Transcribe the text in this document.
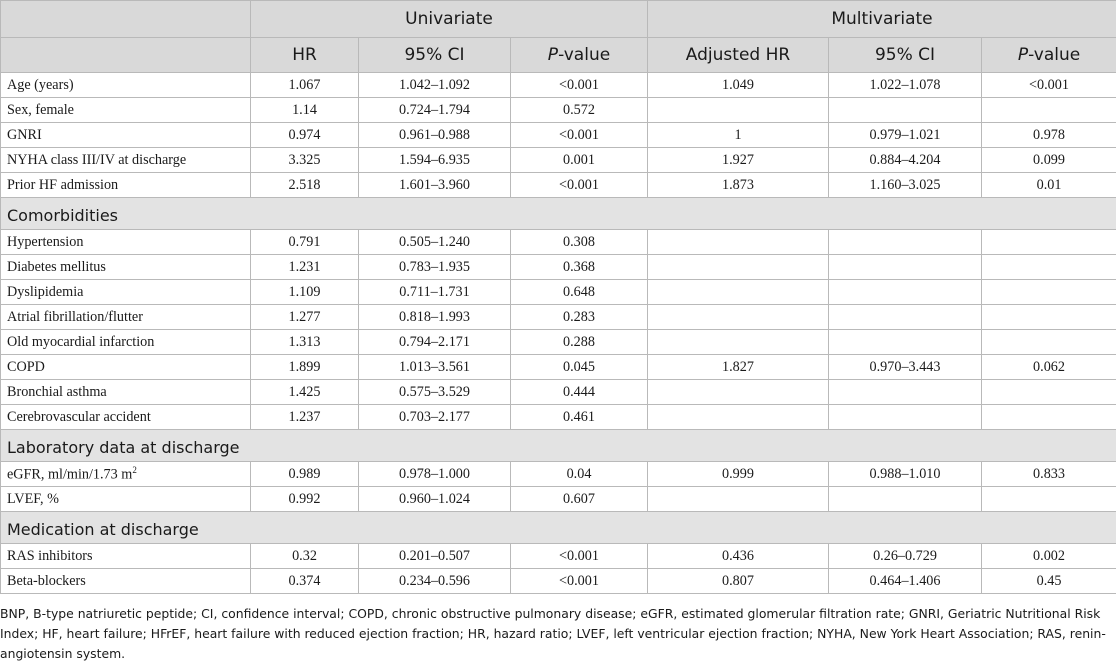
	Univariate			Multivariate		
	HR	95% CI	P-value	Adjusted HR	95% CI	P-value
Age (years)	1.067	1.042–1.092	<0.001	1.049	1.022–1.078	<0.001
Sex, female	1.14	0.724–1.794	0.572			
GNRI	0.974	0.961–0.988	<0.001	1	0.979–1.021	0.978
NYHA class III/IV at discharge	3.325	1.594–6.935	0.001	1.927	0.884–4.204	0.099
Prior HF admission	2.518	1.601–3.960	<0.001	1.873	1.160–3.025	0.01
Comorbidities						
Hypertension	0.791	0.505–1.240	0.308			
Diabetes mellitus	1.231	0.783–1.935	0.368			
Dyslipidemia	1.109	0.711–1.731	0.648			
Atrial fibrillation/flutter	1.277	0.818–1.993	0.283			
Old myocardial infarction	1.313	0.794–2.171	0.288			
COPD	1.899	1.013–3.561	0.045	1.827	0.970–3.443	0.062
Bronchial asthma	1.425	0.575–3.529	0.444			
Cerebrovascular accident	1.237	0.703–2.177	0.461			
Laboratory data at discharge						
eGFR, ml/min/1.73 $m^2$	0.989	0.978–1.000	0.04	0.999	0.988–1.010	0.833
LVEF, %	0.992	0.960–1.024	0.607			
Medication at discharge						
RAS inhibitors	0.32	0.201–0.507	<0.001	0.436	0.26–0.729	0.002
Beta-blockers	0.374	0.234–0.596	<0.001	0.807	0.464–1.406	0.45

BNP, B-type natriuretic peptide; CI, confidence interval; COPD, chronic obstructive pulmonary disease; eGFR, estimated glomerular filtration rate; GNRI, Geriatric Nutritional Risk Index; HF, heart failure; HFrEF, heart failure with reduced ejection fraction; HR, hazard ratio; LVEF, left ventricular ejection fraction; NYHA, New York Heart Association; RAS, renin-angiotensin system.
